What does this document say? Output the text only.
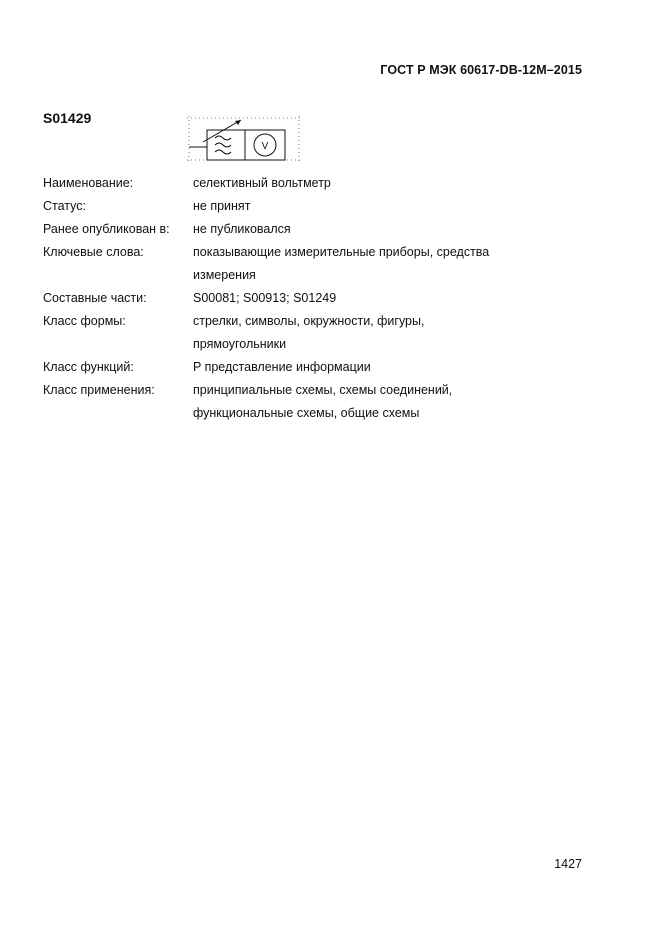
ГОСТ Р МЭК 60617-DB-12M–2015
S01429
V
Наименование:	селективный вольтметр
Статус:	не принят
Ранее опубликован в:	не публиковался
Ключевые слова:	показывающие измерительные приборы, средства
измерения
Составные части:	S00081; S00913; S01249
Класс формы:	стрелки, символы, окружности, фигуры,
прямоугольники
Класс функций:	P представление информации
Класс применения:	принципиальные схемы, схемы соединений,
функциональные схемы, общие схемы
1427
